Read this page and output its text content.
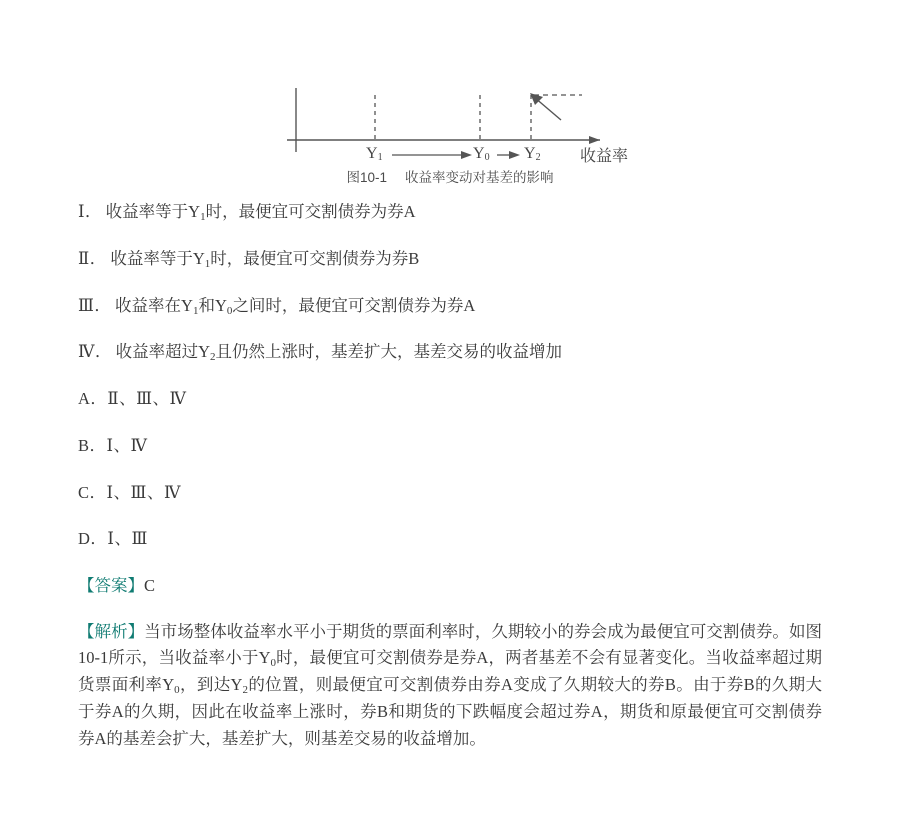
$Y_1$	$Y_0$ $Y_2$ 收益率
图10-1 收益率变动对基差的影响

Ⅰ． 收益率等于$Y_1$时，最便宜可交割债券为券A

Ⅱ． 收益率等于$Y_1$时，最便宜可交割债券为券B

Ⅲ． 收益率在$Y_1$和$Y_0$之间时，最便宜可交割债券为券A

Ⅳ． 收益率超过$Y_2$且仍然上涨时，基差扩大，基差交易的收益增加

A．Ⅱ、Ⅲ、Ⅳ

B．Ⅰ、Ⅳ

C．Ⅰ、Ⅲ、Ⅳ

D．Ⅰ、Ⅲ

【答案】C

【解析】当市场整体收益率水平小于期货的票面利率时，久期较小的券会成为最便宜可交割债券。如图10-1所示，当收益率小于$Y_0$时，最便宜可交割债券是券A，两者基差不会有显著变化。当收益率超过期货票面利率$Y_0$，到达$Y_2$的位置，则最便宜可交割债券由券A变成了久期较大的券B。由于券B的久期大于券A的久期，因此在收益率上涨时，券B和期货的下跌幅度会超过券A，期货和原最便宜可交割债券券A的基差会扩大，基差扩大，则基差交易的收益增加。
